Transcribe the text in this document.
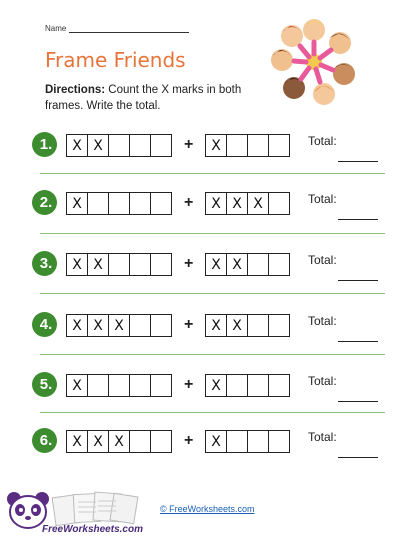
Name
Frame Friends
Directions: Count the X marks in both frames. Write the total.
1.	X X	+	X	Total:
2.	X	+	X X X	Total:
3.	X X	+	X X	Total:
4.	X X X	+	X X	Total:
5.	X	+	X	Total:
6.	X X X	+	X	Total:
FreeWorksheets.com
© FreeWorksheets.com
